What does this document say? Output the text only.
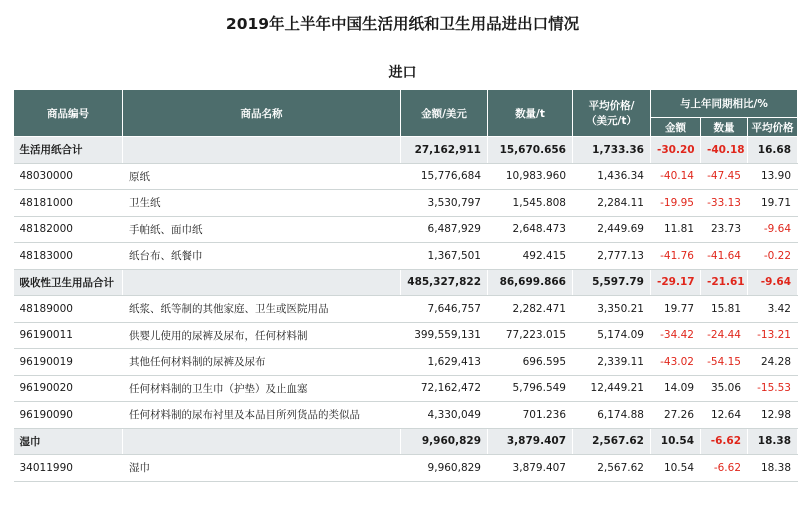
2019年上半年中国生活用纸和卫生用品进出口情况
进口
商品编号	商品名称	金额/美元	数量/t	平均价格/
（美元/t）	与上年同期相比/%		
					金额	数量	平均价格
生活用纸合计		27,162,911	15,670.656	1,733.36	-30.20	-40.18	16.68
48030000	原纸	15,776,684	10,983.960	1,436.34	-40.14	-47.45	13.90
48181000	卫生纸	3,530,797	1,545.808	2,284.11	-19.95	-33.13	19.71
48182000	手帕纸、面巾纸	6,487,929	2,648.473	2,449.69	11.81	23.73	-9.64
48183000	纸台布、纸餐巾	1,367,501	492.415	2,777.13	-41.76	-41.64	-0.22
吸收性卫生用品合计		485,327,822	86,699.866	5,597.79	-29.17	-21.61	-9.64
48189000	纸浆、纸等制的其他家庭、卫生或医院用品	7,646,757	2,282.471	3,350.21	19.77	15.81	3.42
96190011	供婴儿使用的尿裤及尿布，任何材料制	399,559,131	77,223.015	5,174.09	-34.42	-24.44	-13.21
96190019	其他任何材料制的尿裤及尿布	1,629,413	696.595	2,339.11	-43.02	-54.15	24.28
96190020	任何材料制的卫生巾（护垫）及止血塞	72,162,472	5,796.549	12,449.21	14.09	35.06	-15.53
96190090	任何材料制的尿布衬里及本品目所列货品的类似品	4,330,049	701.236	6,174.88	27.26	12.64	12.98
湿巾		9,960,829	3,879.407	2,567.62	10.54	-6.62	18.38
34011990	湿巾	9,960,829	3,879.407	2,567.62	10.54	-6.62	18.38
